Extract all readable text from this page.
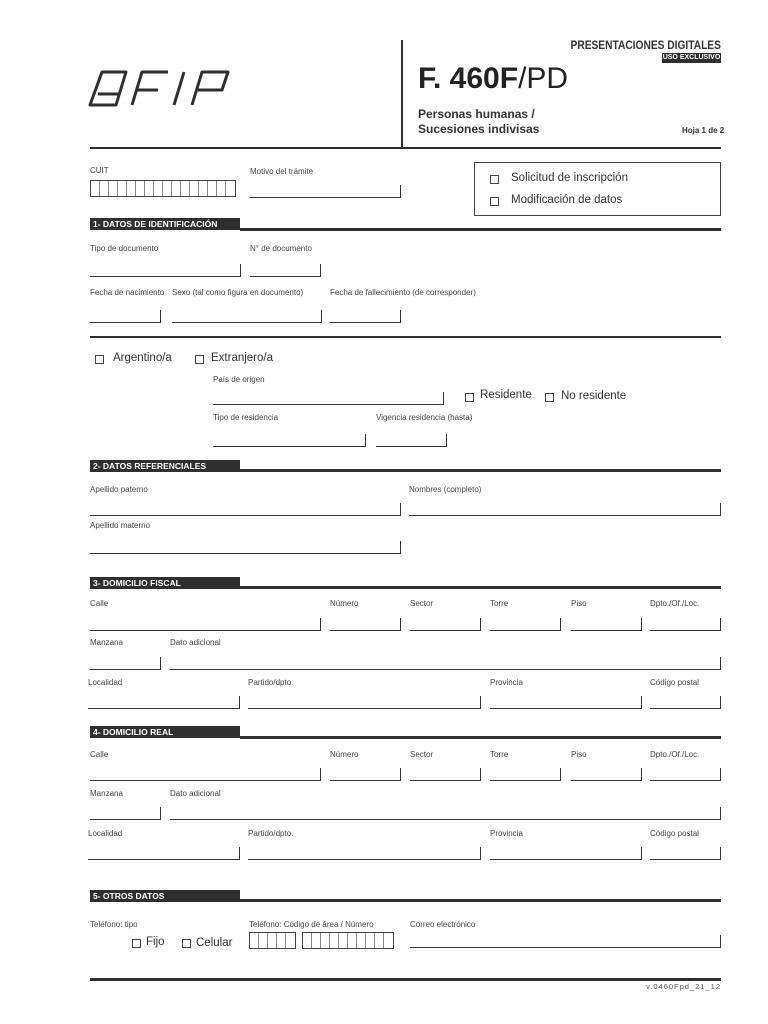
PRESENTACIONES DIGITALES
USO EXCLUSIVO
F. 460F/PD
Personas humanas /
Sucesiones indivisas	Hoja 1 de 2
CUIT	Motivo del trámite
Solicitud de inscripción
Modificación de datos
1- DATOS DE IDENTIFICACIÓN
Tipo de documento	N° de documento
Fecha de nacimiento Sexo (tal como figura en documento)	Fecha de fallecimiento (de corresponder)
Argentino/a	Extranjero/a
País de origen
Residente	No residente
Tipo de residencia	Vigencia residencia (hasta)
2- DATOS REFERENCIALES
Apellido paterno	Nombres (completo)
Apellido materno
3- DOMICILIO FISCAL
Calle	Número	Sector	Torre	Piso	Dpto./Of./Loc.
Manzana	Dato adicional
Localidad	Partido/dpto.	Provincia	Código postal
4- DOMICILIO REAL
Calle	Número	Sector	Torre	Piso	Dpto./Of./Loc.
Manzana	Dato adicional
Localidad	Partido/dpto.	Provincia	Código postal
5- OTROS DATOS
Teléfono: tipo
Fijo	Celular
Teléfono: Código de área / Número	Correo electrónico
v.0460Fpd_21_12
